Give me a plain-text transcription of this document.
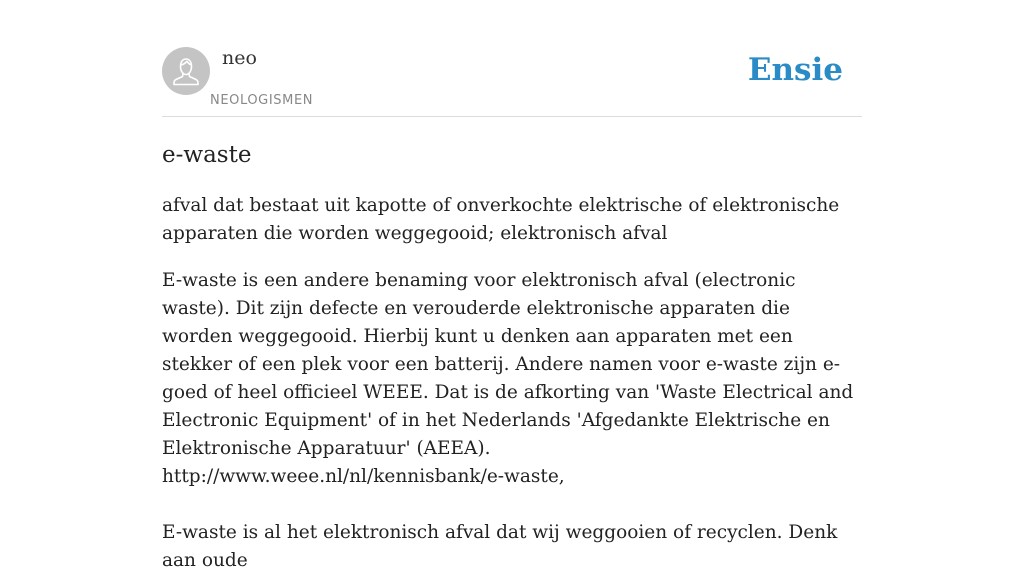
neo
NEOLOGISMEN
Ensie
e-waste

afval dat bestaat uit kapotte of onverkochte elektrische of elektronische apparaten die worden weggegooid; elektronisch afval

E-waste is een andere benaming voor elektronisch afval (electronic waste). Dit zijn defecte en verouderde elektronische apparaten die worden weggegooid. Hierbij kunt u denken aan apparaten met een stekker of een plek voor een batterij. Andere namen voor e-waste zijn e-goed of heel officieel WEEE. Dat is de afkorting van 'Waste Electrical and Electronic Equipment' of in het Nederlands 'Afgedankte Elektrische en Elektronische Apparatuur' (AEEA).

http://www.weee.nl/nl/kennisbank/e-waste,

E-waste is al het elektronisch afval dat wij weggooien of recyclen. Denk aan oude
